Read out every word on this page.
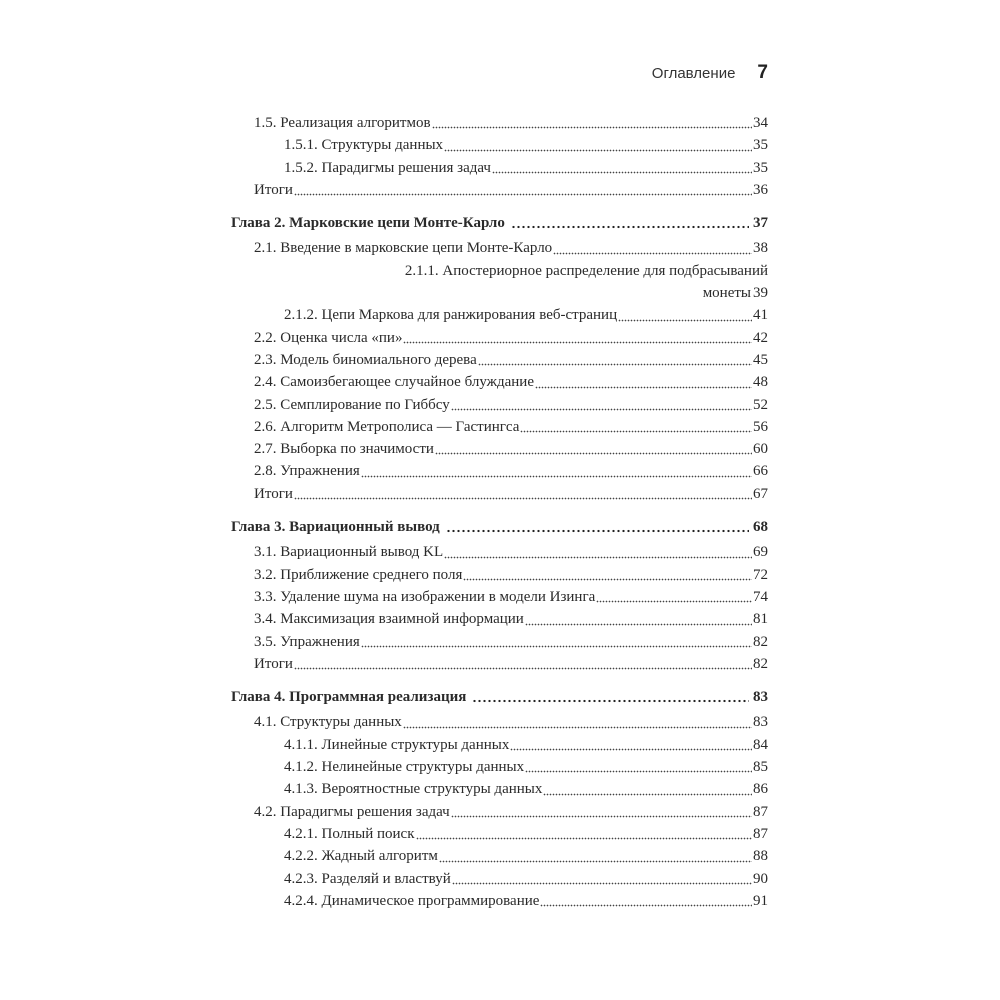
Оглавление 7
1.5. Реализация алгоритмов	34
1.5.1. Структуры данных	35
1.5.2. Парадигмы решения задач	35
Итоги	36
Глава 2. Марковские цепи Монте-Карло	37
2.1. Введение в марковские цепи Монте-Карло	38
2.1.1. Апостериорное распределение для подбрасываний
монеты 39
2.1.2. Цепи Маркова для ранжирования веб-страниц	41
2.2. Оценка числа «пи»	42
2.3. Модель биномиального дерева	45
2.4. Самоизбегающее случайное блуждание	48
2.5. Семплирование по Гиббсу	52
2.6. Алгоритм Метрополиса — Гастингса	56
2.7. Выборка по значимости	60
2.8. Упражнения	66
Итоги	67
Глава 3. Вариационный вывод	68
3.1. Вариационный вывод KL	69
3.2. Приближение среднего поля	72
3.3. Удаление шума на изображении в модели Изинга	74
3.4. Максимизация взаимной информации	81
3.5. Упражнения	82
Итоги	82
Глава 4. Программная реализация	83
4.1. Структуры данных	83
4.1.1. Линейные структуры данных	84
4.1.2. Нелинейные структуры данных	85
4.1.3. Вероятностные структуры данных	86
4.2. Парадигмы решения задач	87
4.2.1. Полный поиск	87
4.2.2. Жадный алгоритм	88
4.2.3. Разделяй и властвуй	90
4.2.4. Динамическое программирование	91
